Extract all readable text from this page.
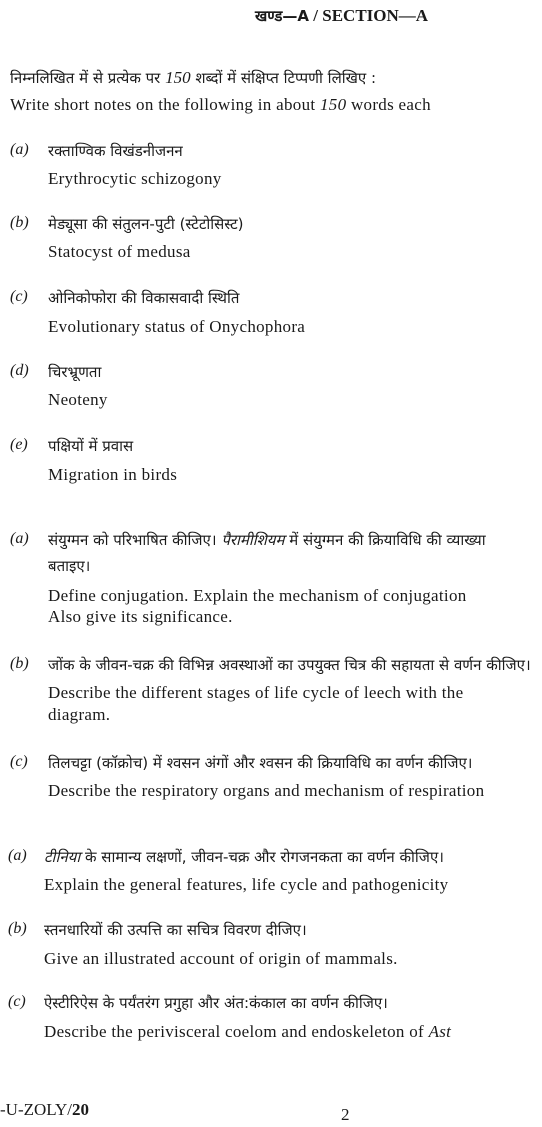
खण्ड—A / SECTION—A
निम्नलिखित में से प्रत्येक पर 150 शब्दों में संक्षिप्त टिप्पणी लिखिए :
Write short notes on the following in about 150 words each
(a) रक्ताण्विक विखंडनीजनन
Erythrocytic schizogony
(b) मेड्यूसा की संतुलन-पुटी (स्टेटोसिस्ट)
Statocyst of medusa
(c) ओनिकोफोरा की विकासवादी स्थिति
Evolutionary status of Onychophora
(d) चिरभ्रूणता
Neoteny
(e) पक्षियों में प्रवास
Migration in birds
(a) संयुग्मन को परिभाषित कीजिए। पैरामीशियम में संयुग्मन की क्रियाविधि की व्याख्या
बताइए।
Define conjugation. Explain the mechanism of conjugation
Also give its significance.
(b) जोंक के जीवन-चक्र की विभिन्न अवस्थाओं का उपयुक्त चित्र की सहायता से वर्णन कीजिए।
Describe the different stages of life cycle of leech with the
diagram.
(c) तिलचट्टा (कॉक्रोच) में श्वसन अंगों और श्वसन की क्रियाविधि का वर्णन कीजिए।
Describe the respiratory organs and mechanism of respiration
(a) टीनिया के सामान्य लक्षणों, जीवन-चक्र और रोगजनकता का वर्णन कीजिए।
Explain the general features, life cycle and pathogenicity
(b) स्तनधारियों की उत्पत्ति का सचित्र विवरण दीजिए।
Give an illustrated account of origin of mammals.
(c) ऐस्टीरिऐस के पर्यंतरंग प्रगुहा और अंत:कंकाल का वर्णन कीजिए।
Describe the perivisceral coelom and endoskeleton of Ast
-U-ZOLY/20	2
